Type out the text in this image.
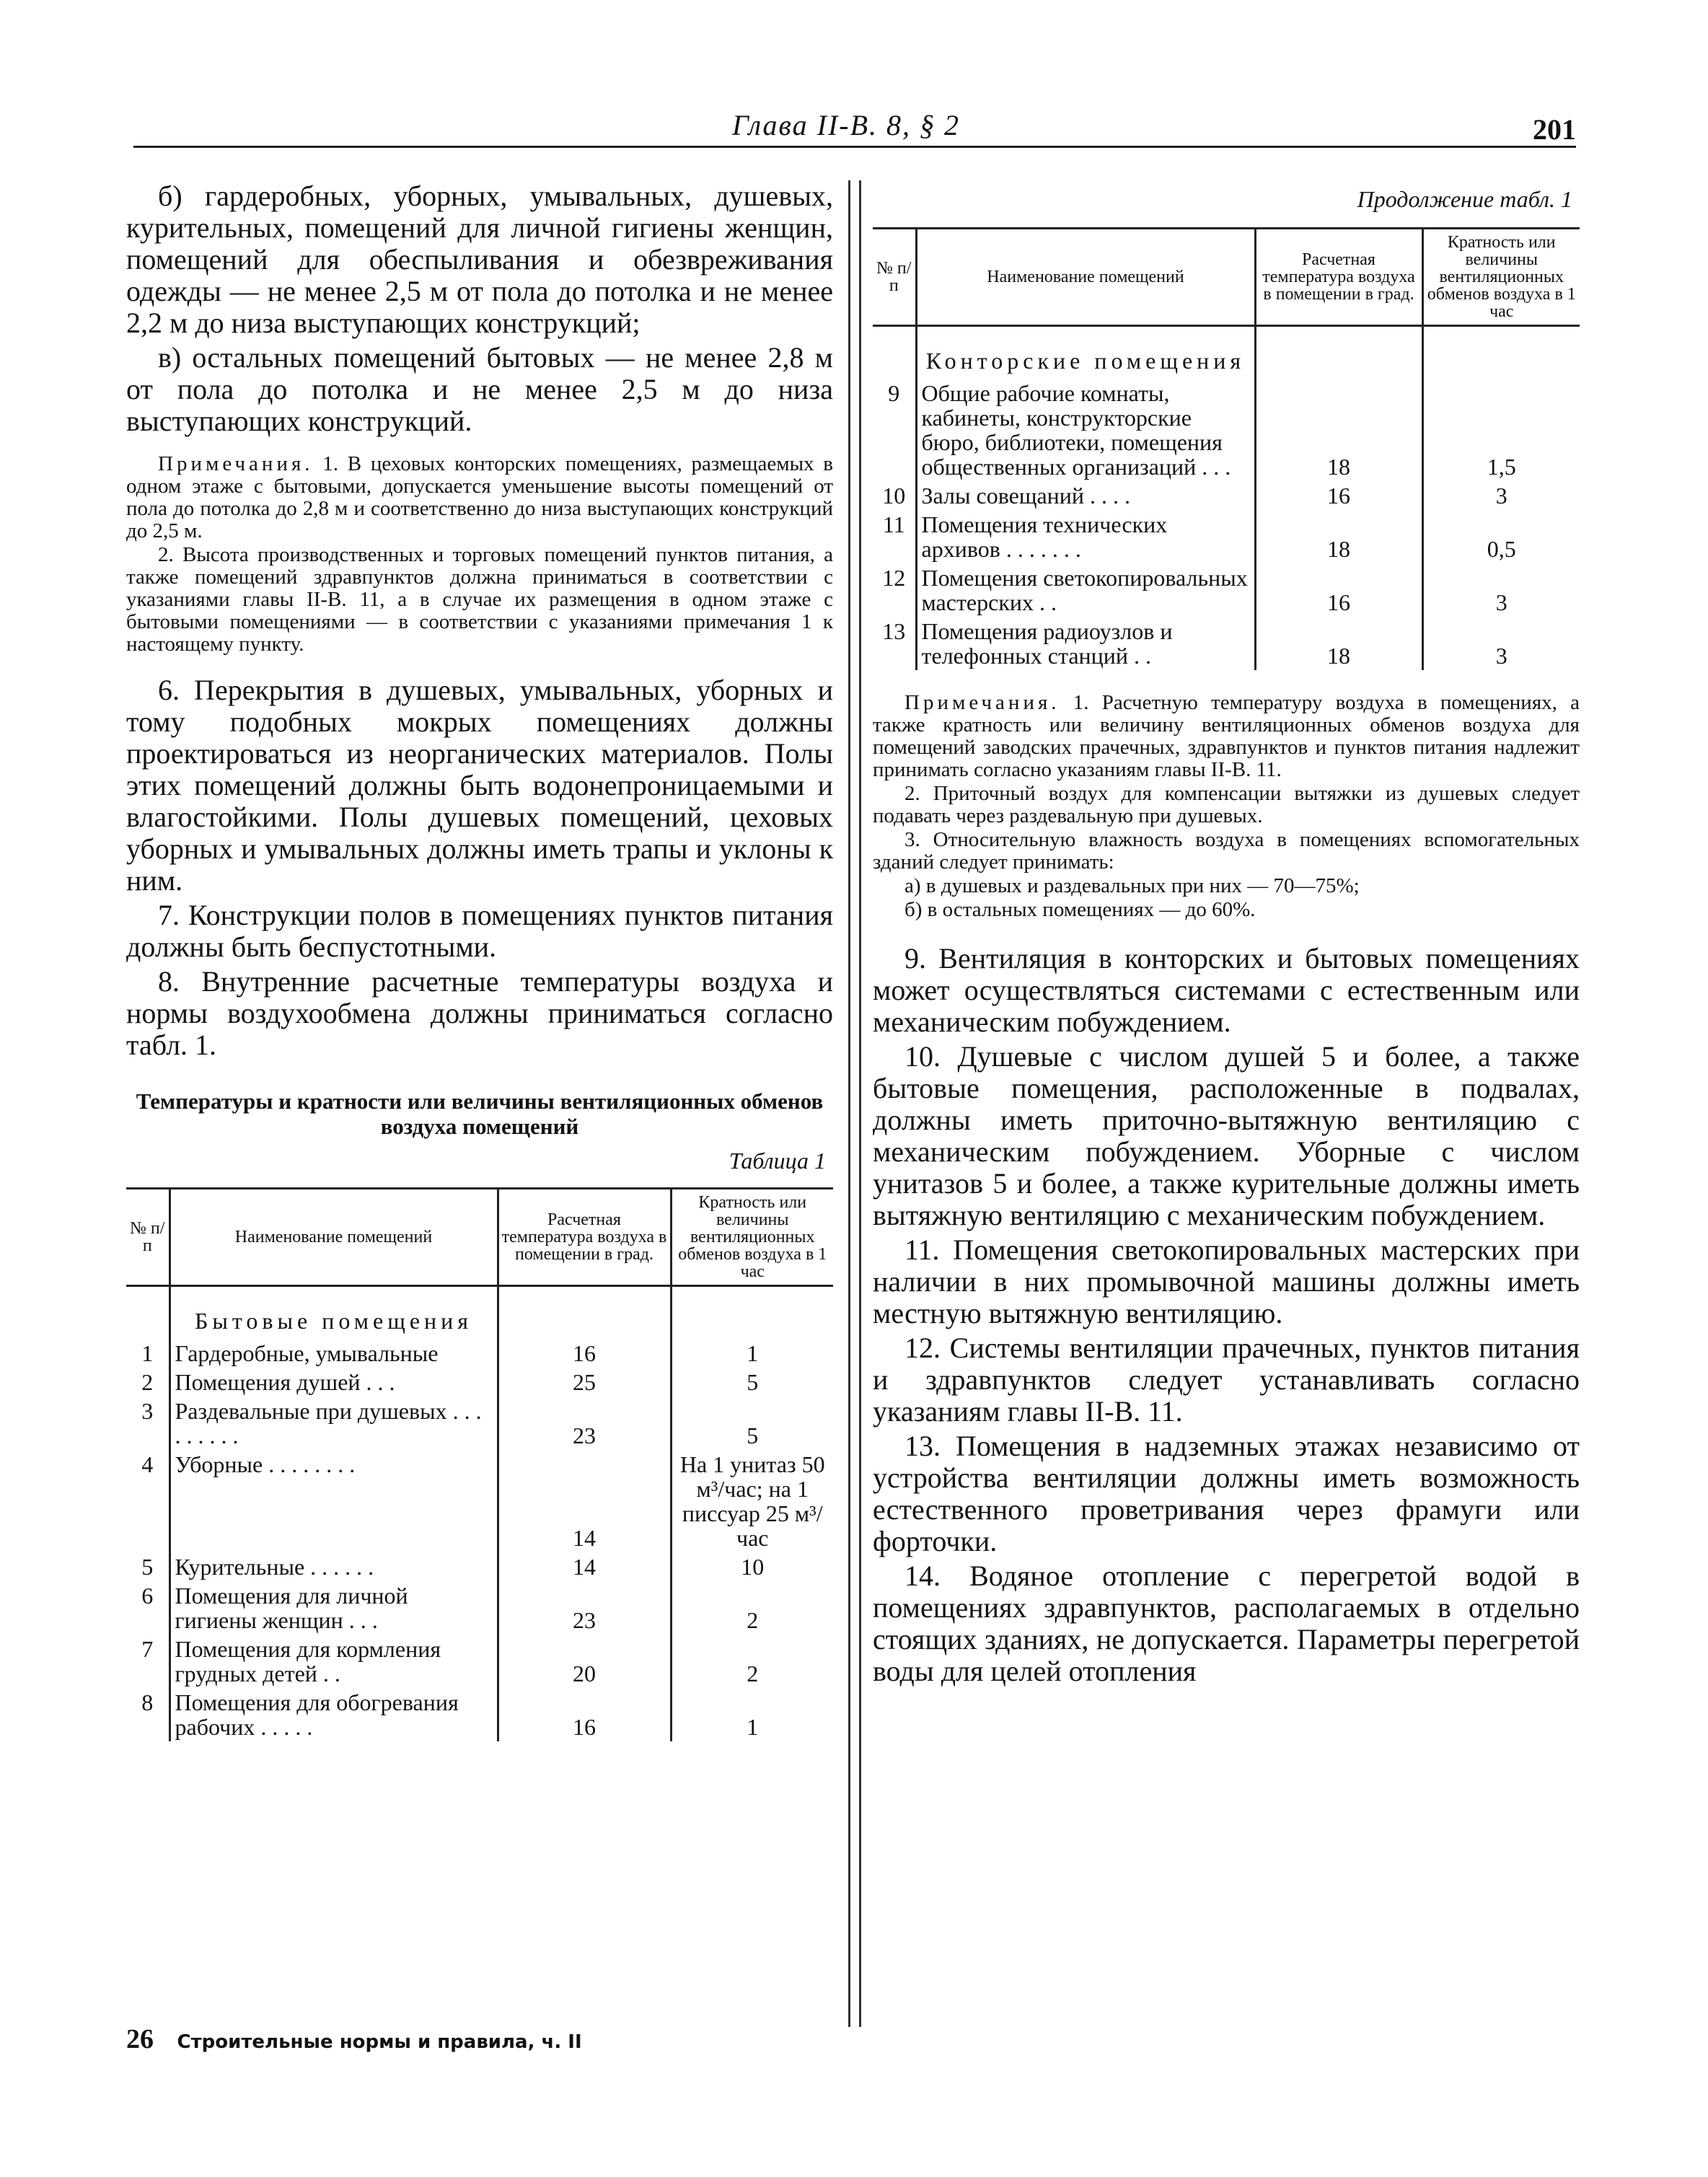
Глава II-В. 8, § 2	201

б) гардеробных, уборных, умывальных, душевых, курительных, помещений для личной гигиены женщин, помещений для обеспыливания и обезвреживания одежды — не менее 2,5 м от пола до потолка и не менее 2,2 м до низа выступающих конструкций;

в) остальных помещений бытовых — не менее 2,8 м от пола до потолка и не менее 2,5 м до низа выступающих конструкций.

Примечания. 1. В цеховых конторских помещениях, размещаемых в одном этаже с бытовыми, допускается уменьшение высоты помещений от пола до потолка до 2,8 м и соответственно до низа выступающих конструкций до 2,5 м.

2. Высота производственных и торговых помещений пунктов питания, а также помещений здравпунктов должна приниматься в соответствии с указаниями главы II-В. 11, а в случае их размещения в одном этаже с бытовыми помещениями — в соответствии с указаниями примечания 1 к настоящему пункту.

6. Перекрытия в душевых, умывальных, уборных и тому подобных мокрых помещениях должны проектироваться из неорганических материалов. Полы этих помещений должны быть водонепроницаемыми и влагостойкими. Полы душевых помещений, цеховых уборных и умывальных должны иметь трапы и уклоны к ним.

7. Конструкции полов в помещениях пунктов питания должны быть беспустотными.

8. Внутренние расчетные температуры воздуха и нормы воздухообмена должны приниматься согласно табл. 1.

Температуры и кратности или величины вентиляционных обменов воздуха помещений
Таблица 1
№ п/п	Наименование помещений	Расчетная температура воздуха в помещении в град.	Кратность или величины вентиляционных обменов воздуха в 1 час

	Бытовые помещения		

1	Гардеробные, умывальные	16	1
2	Помещения душей . . .	25	5
3	Раздевальные при душевых . . . . . . . . .	23	5
4	Уборные . . . . . . . .	14	На 1 унитаз 50 м³/час; на 1 писсуар 25 м³/час
5	Курительные . . . . . .	14	10
6	Помещения для личной гигиены женщин . . .	23	2
7	Помещения для кормления грудных детей . .	20	2
8	Помещения для обогревания рабочих . . . . .	16	1
Продолжение табл. 1
№ п/п	Наименование помещений	Расчетная температура воздуха в помещении в град.	Кратность или величины вентиляционных обменов воздуха в 1 час

	Конторские помещения		

9	Общие рабочие комнаты, кабинеты, конструкторские бюро, библиотеки, помещения общественных организаций . . .	18	1,5
10	Залы совещаний . . . .	16	3
11	Помещения технических архивов . . . . . . .	18	0,5
12	Помещения светокопировальных мастерских . .	16	3
13	Помещения радиоузлов и телефонных станций . .	18	3

Примечания. 1. Расчетную температуру воздуха в помещениях, а также кратность или величину вентиляционных обменов воздуха для помещений заводских прачечных, здравпунктов и пунктов питания надлежит принимать согласно указаниям главы II-В. 11.

2. Приточный воздух для компенсации вытяжки из душевых следует подавать через раздевальную при душевых.

3. Относительную влажность воздуха в помещениях вспомогательных зданий следует принимать:

а) в душевых и раздевальных при них — 70—75%;

б) в остальных помещениях — до 60%.

9. Вентиляция в конторских и бытовых помещениях может осуществляться системами с естественным или механическим побуждением.

10. Душевые с числом душей 5 и более, а также бытовые помещения, расположенные в подвалах, должны иметь приточно-вытяжную вентиляцию с механическим побуждением. Уборные с числом унитазов 5 и более, а также курительные должны иметь вытяжную вентиляцию с механическим побуждением.

11. Помещения светокопировальных мастерских при наличии в них промывочной машины должны иметь местную вытяжную вентиляцию.

12. Системы вентиляции прачечных, пунктов питания и здравпунктов следует устанавливать согласно указаниям главы II-В. 11.

13. Помещения в надземных этажах независимо от устройства вентиляции должны иметь возможность естественного проветривания через фрамуги или форточки.

14. Водяное отопление с перегретой водой в помещениях здравпунктов, располагаемых в отдельно стоящих зданиях, не допускается. Параметры перегретой воды для целей отопления

26 Строительные нормы и правила, ч. II
